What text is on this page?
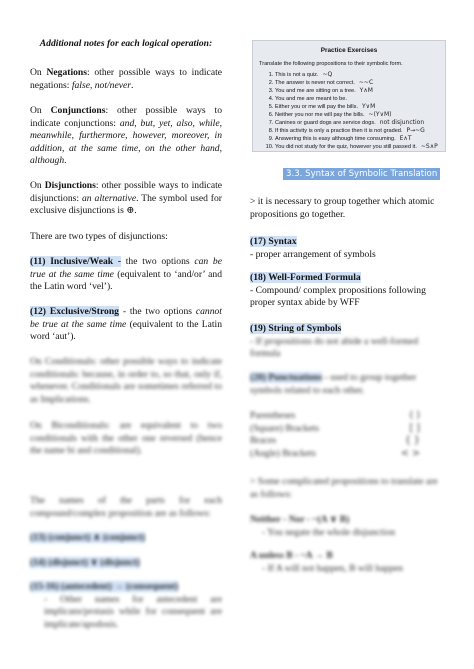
Additional notes for each logical operation:

On Negations: other possible ways to indicate negations: false, not/never.

On Conjunctions: other possible ways to indicate conjunctions: and, but, yet, also, while, meanwhile, furthermore, however, moreover, in addition, at the same time, on the other hand, although.

On Disjunctions: other possible ways to indicate disjunctions: an alternative. The symbol used for exclusive disjunctions is ⊕.

There are two types of disjunctions:

(11) Inclusive/Weak - the two options can be true at the same time (equivalent to ‘and/or’ and the Latin word ‘vel’).

(12) Exclusive/Strong - the two options cannot be true at the same time (equivalent to the Latin word ‘aut’).

On Conditionals: other possible ways to indicate conditionals: because, in order to, so that, only if, whenever. Conditionals are sometimes referred to as Implications.

On Biconditionals: are equivalent to two conditionals with the other one reversed (hence the name bi and conditional).

The names of the parts for each compound/complex proposition are as follows:

(13) (conjunct) ∧ (conjunct)

(14) (disjunct) ∨ (disjunct)

(15-16) (antecedent) → (consequent)

- Other names for antecedent are implicans/protasis while for consequent are implicate/apodosis.

Practice Exercises
Translate the following propositions to their symbolic form.
1. This is not a quiz. ~Q
2. The answer is never not correct. ~~C
3. You and me are sitting on a tree. Y∧M
4. You and me are meant to be.
5. Either you or me will pay the bills. Y∨M
6. Neither you nor me will pay the bills. ~(Y∨M)
7. Canines or guard dogs are service dogs. not disjunction
8. If this activity is only a practice then it is not graded. P→~G
9. Answering this is easy although time consuming. E∧T
10. You did not study for the quiz, however you still passed it. ~S∧P
3.3. Syntax of Symbolic Translation

> it is necessary to group together which atomic propositions go together.

(17) Syntax

- proper arrangement of symbols

(18) Well-Formed Formula

- Compound/ complex propositions following proper syntax abide by WFF

(19) String of Symbols

- If propositions do not abide a well-formed formula

(20) Punctuations - used to group together symbols related to each other.

Parentheses	( )

(Square) Brackets	[ ]

Braces	{ }

(Angle) Brackets	< >

> Some complicated propositions to translate are as follows:

Neither - Nor - ~(A ∨ B)

- You negate the whole disjunction

A unless B - ~A → B

- If A will not happen, B will happen
